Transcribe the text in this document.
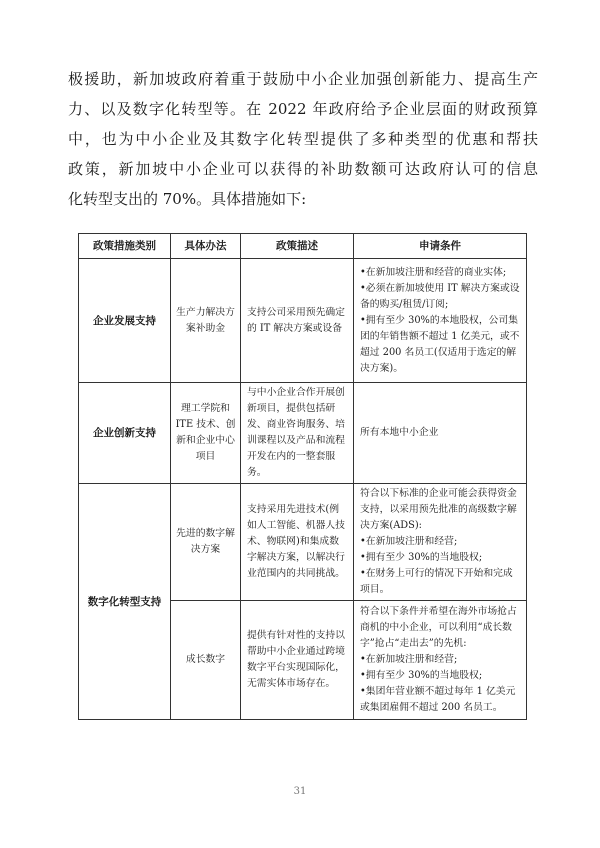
极援助，新加坡政府着重于鼓励中小企业加强创新能力、提高生产
力、以及数字化转型等。在 2022 年政府给予企业层面的财政预算
中，也为中小企业及其数字化转型提供了多种类型的优惠和帮扶
政策，新加坡中小企业可以获得的补助数额可达政府认可的信息
化转型支出的 70%。具体措施如下:

政策措施类别	具体办法	政策描述	申请条件
企业发展支持	生产力解决方案补助金	支持公司采用预先确定的 IT 解决方案或设备	•在新加坡注册和经营的商业实体;
•必须在新加坡使用 IT 解决方案或设备的购买/租赁/订阅;
•拥有至少 30%的本地股权，公司集团的年销售额不超过 1 亿美元，或不超过 200 名员工(仅适用于选定的解决方案)。

企业创新支持	理工学院和 ITE 技术、创新和企业中心项目	与中小企业合作开展创新项目，提供包括研发、商业咨询服务、培训课程以及产品和流程开发在内的一整套服务。	所有本地中小企业

数字化转型支持	先进的数字解决方案	支持采用先进技术(例如人工智能、机器人技术、物联网)和集成数字解决方案，以解决行业范围内的共同挑战。	符合以下标准的企业可能会获得资金支持，以采用预先批准的高级数字解决方案(ADS):
•在新加坡注册和经营;
•拥有至少 30%的当地股权;
•在财务上可行的情况下开始和完成项目。

	成长数字	提供有针对性的支持以帮助中小企业通过跨境数字平台实现国际化，无需实体市场存在。	符合以下条件并希望在海外市场抢占商机的中小企业，可以利用“成长数字”抢占“走出去”的先机:
•在新加坡注册和经营;
•拥有至少 30%的当地股权;
•集团年营业额不超过每年 1 亿美元或集团雇佣不超过 200 名员工。
31
